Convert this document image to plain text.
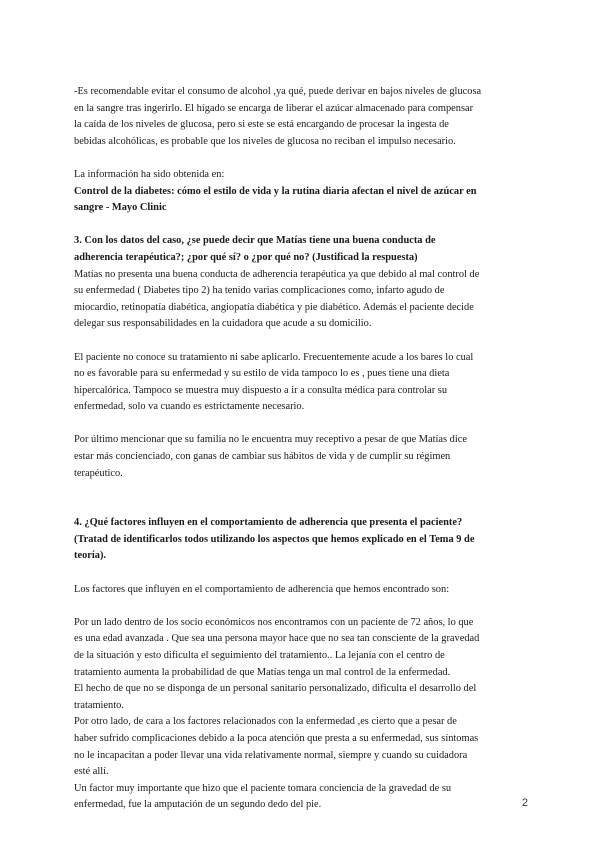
-Es recomendable evitar el consumo de alcohol ,ya qué, puede derivar en bajos niveles de glucosa

en la sangre tras ingerirlo. El hígado se encarga de liberar el azúcar almacenado para compensar

la caída de los niveles de glucosa, pero si este se está encargando de procesar la ingesta de

bebidas alcohólicas, es probable que los niveles de glucosa no reciban el impulso necesario.

La información ha sido obtenida en:

Control de la diabetes: cómo el estilo de vida y la rutina diaria afectan el nivel de azúcar en

sangre - Mayo Clinic

3. Con los datos del caso, ¿se puede decir que Matías tiene una buena conducta de

adherencia terapéutica?; ¿por qué sí? o ¿por qué no? (Justificad la respuesta)

Matías no presenta una buena conducta de adherencia terapéutica ya que debido al mal control de

su enfermedad ( Diabetes tipo 2) ha tenido varias complicaciones como, infarto agudo de

miocardio, retinopatía diabética, angiopatía diabética y pie diabético. Además el paciente decide

delegar sus responsabilidades en la cuidadora que acude a su domicilio.

El paciente no conoce su tratamiento ni sabe aplicarlo. Frecuentemente acude a los bares lo cual

no es favorable para su enfermedad y su estilo de vida tampoco lo es , pues tiene una dieta

hipercalórica. Tampoco se muestra muy dispuesto a ir a consulta médica para controlar su

enfermedad, solo va cuando es estrictamente necesario.

Por último mencionar que su familia no le encuentra muy receptivo a pesar de que Matías dice

estar más concienciado, con ganas de cambiar sus hábitos de vida y de cumplir su régimen

terapéutico.

4. ¿Qué factores influyen en el comportamiento de adherencia que presenta el paciente?

(Tratad de identificarlos todos utilizando los aspectos que hemos explicado en el Tema 9 de

teoría).

Los factores que influyen en el comportamiento de adherencia que hemos encontrado son:

Por un lado dentro de los socio económicos nos encontramos con un paciente de 72 años, lo que

es una edad avanzada . Que sea una persona mayor hace que no sea tan consciente de la gravedad

de la situación y esto dificulta el seguimiento del tratamiento.. La lejanía con el centro de

tratamiento aumenta la probabilidad de que Matías tenga un mal control de la enfermedad.

El hecho de que no se disponga de un personal sanitario personalizado, dificulta el desarrollo del

tratamiento.

Por otro lado, de cara a los factores relacionados con la enfermedad ,es cierto que a pesar de

haber sufrido complicaciones debido a la poca atención que presta a su enfermedad, sus síntomas

no le incapacitan a poder llevar una vida relativamente normal, siempre y cuando su cuidadora

esté allí.

Un factor muy importante que hizo que el paciente tomara conciencia de la gravedad de su

enfermedad, fue la amputación de un segundo dedo del pie.	2
